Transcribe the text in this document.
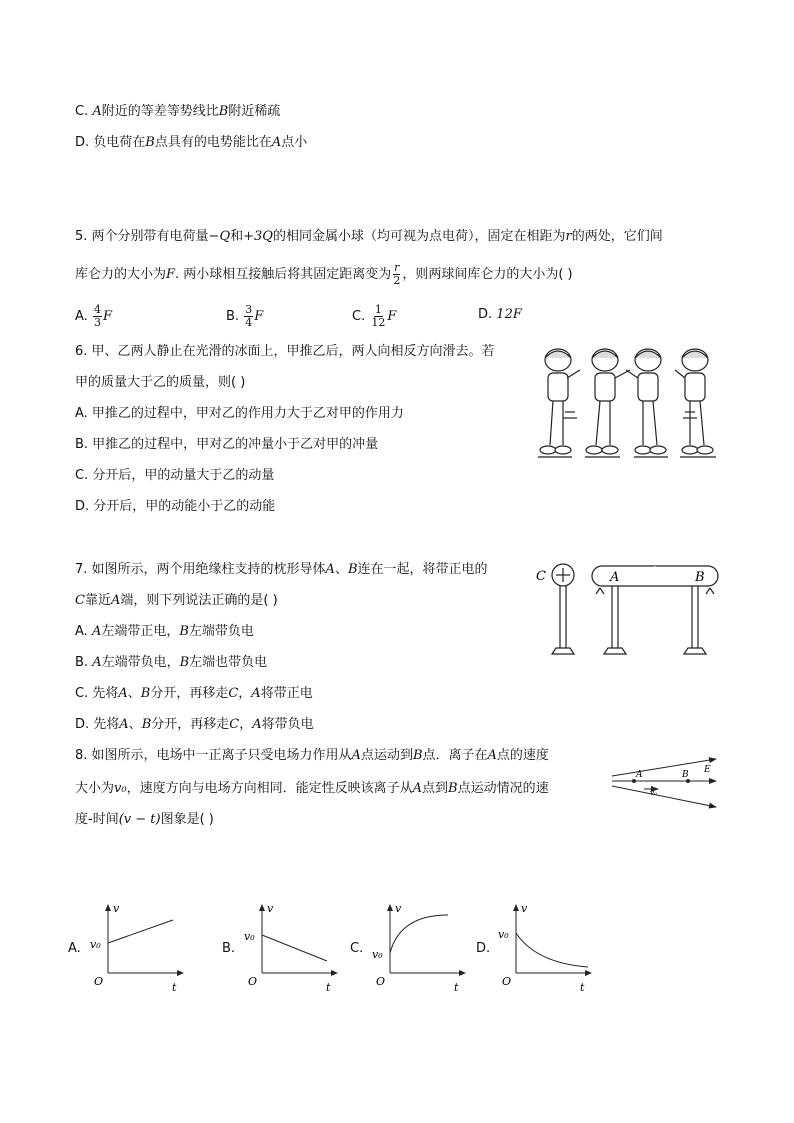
C. A附近的等差等势线比B附近稀疏
D. 负电荷在B点具有的电势能比在A点小
5. 两个分别带有电荷量−Q和+3Q的相同金属小球（均可视为点电荷），固定在相距为r的两处，它们间
库仑力的大小为F. 两小球相互接触后将其固定距离变为 $\frac{r}{2}$ ，则两球间库仑力的大小为( )
A. $\frac{4}{3}$ F	B. $\frac{3}{4}$ F	C. $\frac{1}{12}$ F	D. 12F
6. 甲、乙两人静止在光滑的冰面上，甲推乙后，两人向相反方向滑去。若
甲的质量大于乙的质量，则( )
A. 甲推乙的过程中，甲对乙的作用力大于乙对甲的作用力
B. 甲推乙的过程中，甲对乙的冲量小于乙对甲的冲量
C. 分开后，甲的动量大于乙的动量
D. 分开后，甲的动能小于乙的动能
7. 如图所示，两个用绝缘柱支持的枕形导体A、B连在一起，将带正电的
C靠近A端，则下列说法正确的是( )
A. A左端带正电，B左端带负电
B. A左端带负电，B左端也带负电
C. 先将A、B分开，再移走C，A将带正电
D. 先将A、B分开，再移走C，A将带负电
C	A	B
8. 如图所示，电场中一正离子只受电场力作用从A点运动到B点．离子在A点的速度
大小为v₀，速度方向与电场方向相同．能定性反映该离子从A点到B点运动情况的速
度-时间(v − t)图象是( )
A	B E
v₀
A.
v
v₀
O	t
B.
v
v₀
O	t
C.
v
v₀
O	t
D.
v
v₀
O	t
